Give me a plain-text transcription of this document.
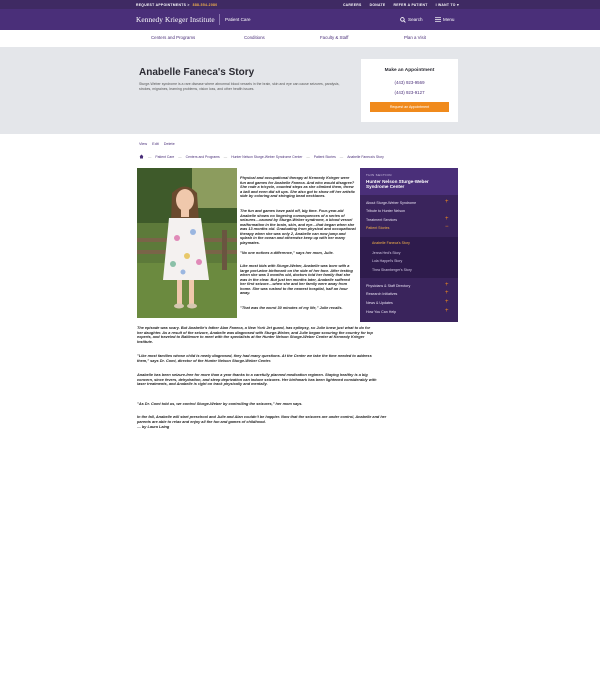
REQUEST APPOINTMENTS > 888-554-2080	CAREERS DONATE REFER A PATIENT I WANT TO ▾
Kennedy Krieger Institute Patient Care	Search	Menu
Centers and Programs	Conditions	Faculty & Staff	Plan a Visit
Anabelle Faneca's Story

Sturge-Weber syndrome is a rare disease where abnormal blood vessels in the brain, skin and eye can cause seizures, paralysis, strokes, migraines, learning problems, vision loss, and other health issues.

Make an Appointment
(443) 923-9569
(443) 923-9127
Request an Appointment
View Edit Delete
— Patient Care — Centers and Programs — Hunter Nelson Sturge-Weber Syndrome Center — Patient Stories — Anabelle Faneca's Story

Physical and occupational therapy at Kennedy Krieger were fun and games for Anabelle Faneca. And who would disagree? She rode a tricycle, counted steps as she climbed them, threw a ball and even did sit ups. She also got to show off her artistic side by coloring and stringing bead necklaces.

The fun and games have paid off, big time. Four-year-old Anabelle shows no lingering consequences of a series of seizures—caused by Sturge-Weber syndrome, a blood vessel malformation in the brain, skin, and eye—that began when she was 13 months old. Graduating from physical and occupational therapy when she was only 2, Anabelle can now jump and splash in the ocean and otherwise keep up with her many playmates.

"No one notices a difference," says her mom, Julie.

Like most kids with Sturge-Weber, Anabelle was born with a large port-wine birthmark on the side of her face. After testing when she was 3 months old, doctors told her family that she was in the clear. But just ten months later, Anabelle suffered her first seizure—when she and her family were away from home. She was rushed to the nearest hospital, half an hour away.

"That was the worst 30 minutes of my life," Julie recalls.

The episode was scary. But Anabelle's father Alan Faneca, a New York Jet guard, has epilepsy, so Julie knew just what to do for her daughter. As a result of the seizure, Anabelle was diagnosed with Sturge-Weber, and Julie began scouring the country for top experts, and traveled to Baltimore to meet with the specialists at the Hunter Nelson Sturge-Weber Center at Kennedy Krieger Institute.

"Like most families whose child is newly diagnosed, they had many questions. At the Center we take the time needed to address them," says Dr. Comi, director of the Hunter Nelson Sturge-Weber Center.

Anabelle has been seizure-free for more than a year thanks to a carefully planned medication regimen. Staying healthy is a big concern, since fevers, dehydration, and sleep deprivation can induce seizures. Her birthmark has been lightened considerably with laser treatments, and Anabelle is right on track physically and mentally.

"As Dr. Comi told us, we control Sturge-Weber by controlling the seizures," her mom says.

In the fall, Anabelle will start preschool and Julie and Alan couldn't be happier. Now that the seizures are under control, Anabelle and her parents are able to relax and enjoy all the fun and games of childhood.

— by Laura Laing

THIS SECTION
Hunter Nelson Sturge-Weber Syndrome Center
About Sturge-Weber Syndrome	+
Tribute to Hunter Nelson
Treatment Services	+
Patient Stories	−
Anabelle Faneca's Story
Jenna Hed's Story
Lola Happel's Story
Thea Shamberger's Story
Physicians & Staff Directory	+
Research Initiatives	+
News & Updates	+
How You Can Help	+
